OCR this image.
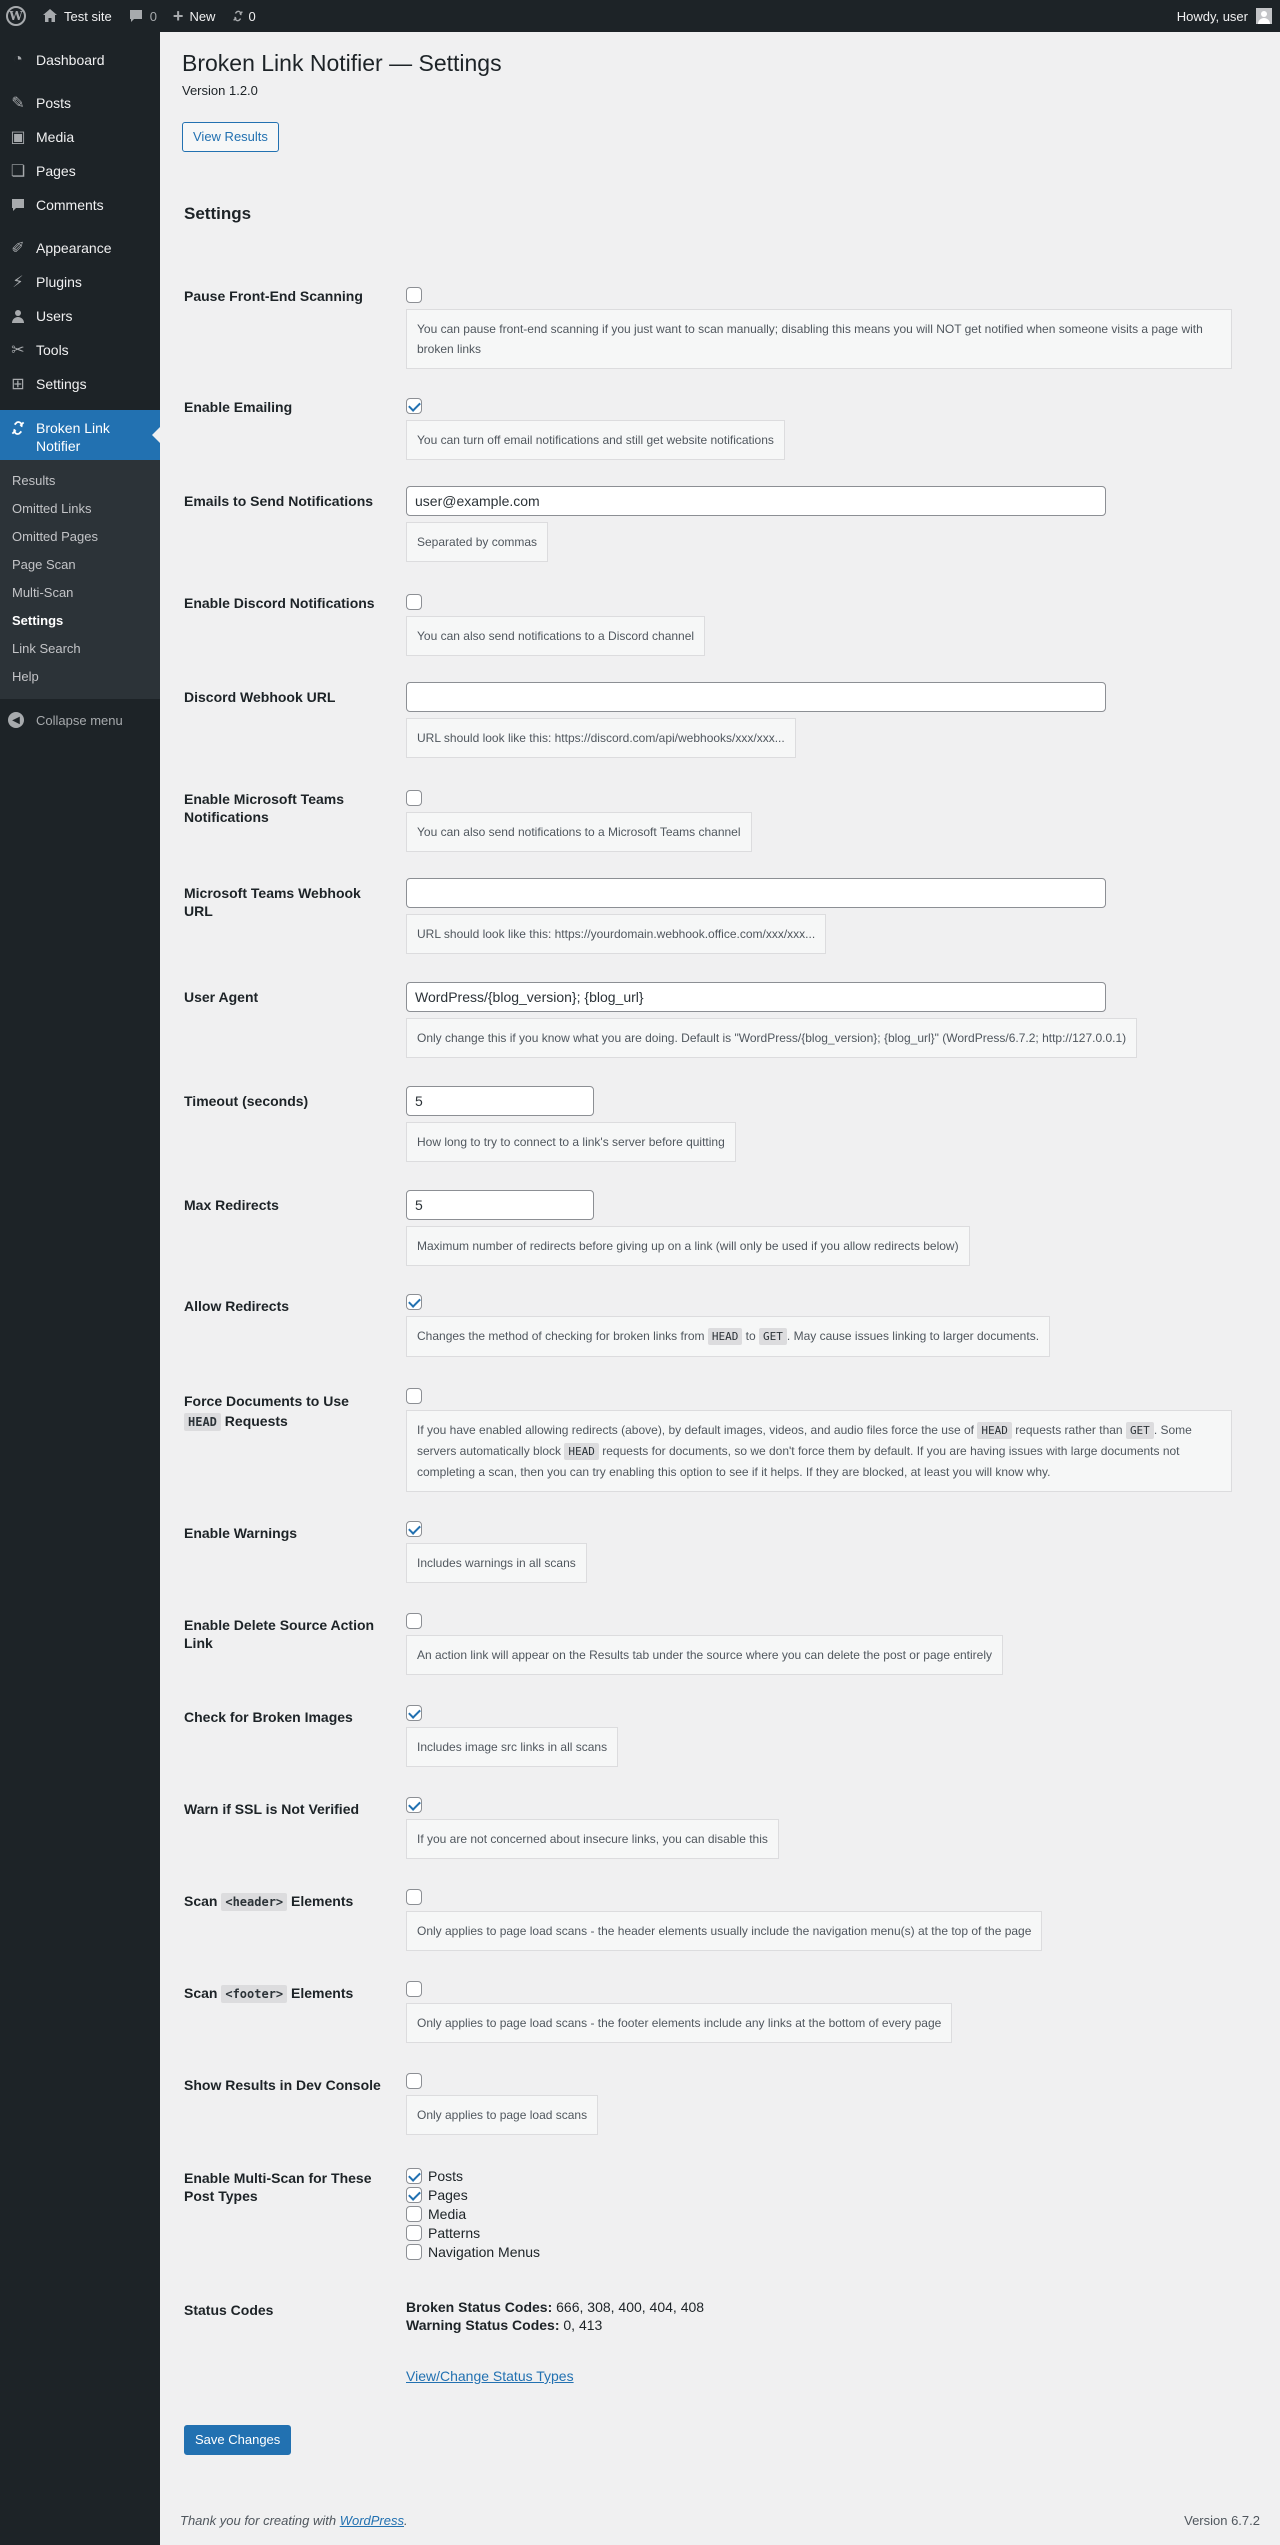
W	Test site	0 + New	0	Howdy, user
◔ Dashboard
✎ Posts
▣ Media
❏ Pages
Comments
✐ Appearance
⚡ Plugins
Users
✂ Tools
⊞ Settings
Broken Link Notifier
Results
Omitted Links
Omitted Pages
Page Scan
Multi-Scan
Settings
Link Search
Help
◀	Collapse menu
Broken Link Notifier — Settings
Version 1.2.0
View Results
Settings
Pause Front-End Scanning
You can pause front-end scanning if you just want to scan manually; disabling this means you will NOT get notified when someone visits a page with broken links
Enable Emailing
You can turn off email notifications and still get website notifications
Emails to Send Notifications	user@example.com
Separated by commas
Enable Discord Notifications
You can also send notifications to a Discord channel
Discord Webhook URL
URL should look like this: https://discord.com/api/webhooks/xxx/xxx...
Enable Microsoft Teams Notifications
You can also send notifications to a Microsoft Teams channel
Microsoft Teams Webhook URL
URL should look like this: https://yourdomain.webhook.office.com/xxx/xxx...
User Agent	WordPress/{blog_version}; {blog_url}
Only change this if you know what you are doing. Default is "WordPress/{blog_version}; {blog_url}" (WordPress/6.7.2; http://127.0.0.1)
Timeout (seconds)	5
How long to try to connect to a link's server before quitting
Max Redirects	5
Maximum number of redirects before giving up on a link (will only be used if you allow redirects below)
Allow Redirects
Changes the method of checking for broken links from HEAD to GET . May cause issues linking to larger documents.
Force Documents to Use HEAD Requests
If you have enabled allowing redirects (above), by default images, videos, and audio files force the use of HEAD requests rather than GET . Some servers automatically block HEAD requests for documents, so we don't force them by default. If you are having issues with large documents not completing a scan, then you can try enabling this option to see if it helps. If they are blocked, at least you will know why.
Enable Warnings
Includes warnings in all scans
Enable Delete Source Action Link
An action link will appear on the Results tab under the source where you can delete the post or page entirely
Check for Broken Images
Includes image src links in all scans
Warn if SSL is Not Verified
If you are not concerned about insecure links, you can disable this
Scan <header> Elements
Only applies to page load scans - the header elements usually include the navigation menu(s) at the top of the page
Scan <footer> Elements
Only applies to page load scans - the footer elements include any links at the bottom of every page
Show Results in Dev Console
Only applies to page load scans
Enable Multi-Scan for These Post Types
Posts
Pages
Media
Patterns
Navigation Menus
Status Codes	Broken Status Codes: 666, 308, 400, 404, 408
Warning Status Codes: 0, 413
View/Change Status Types
Save Changes
Thank you for creating with WordPress.	Version 6.7.2
